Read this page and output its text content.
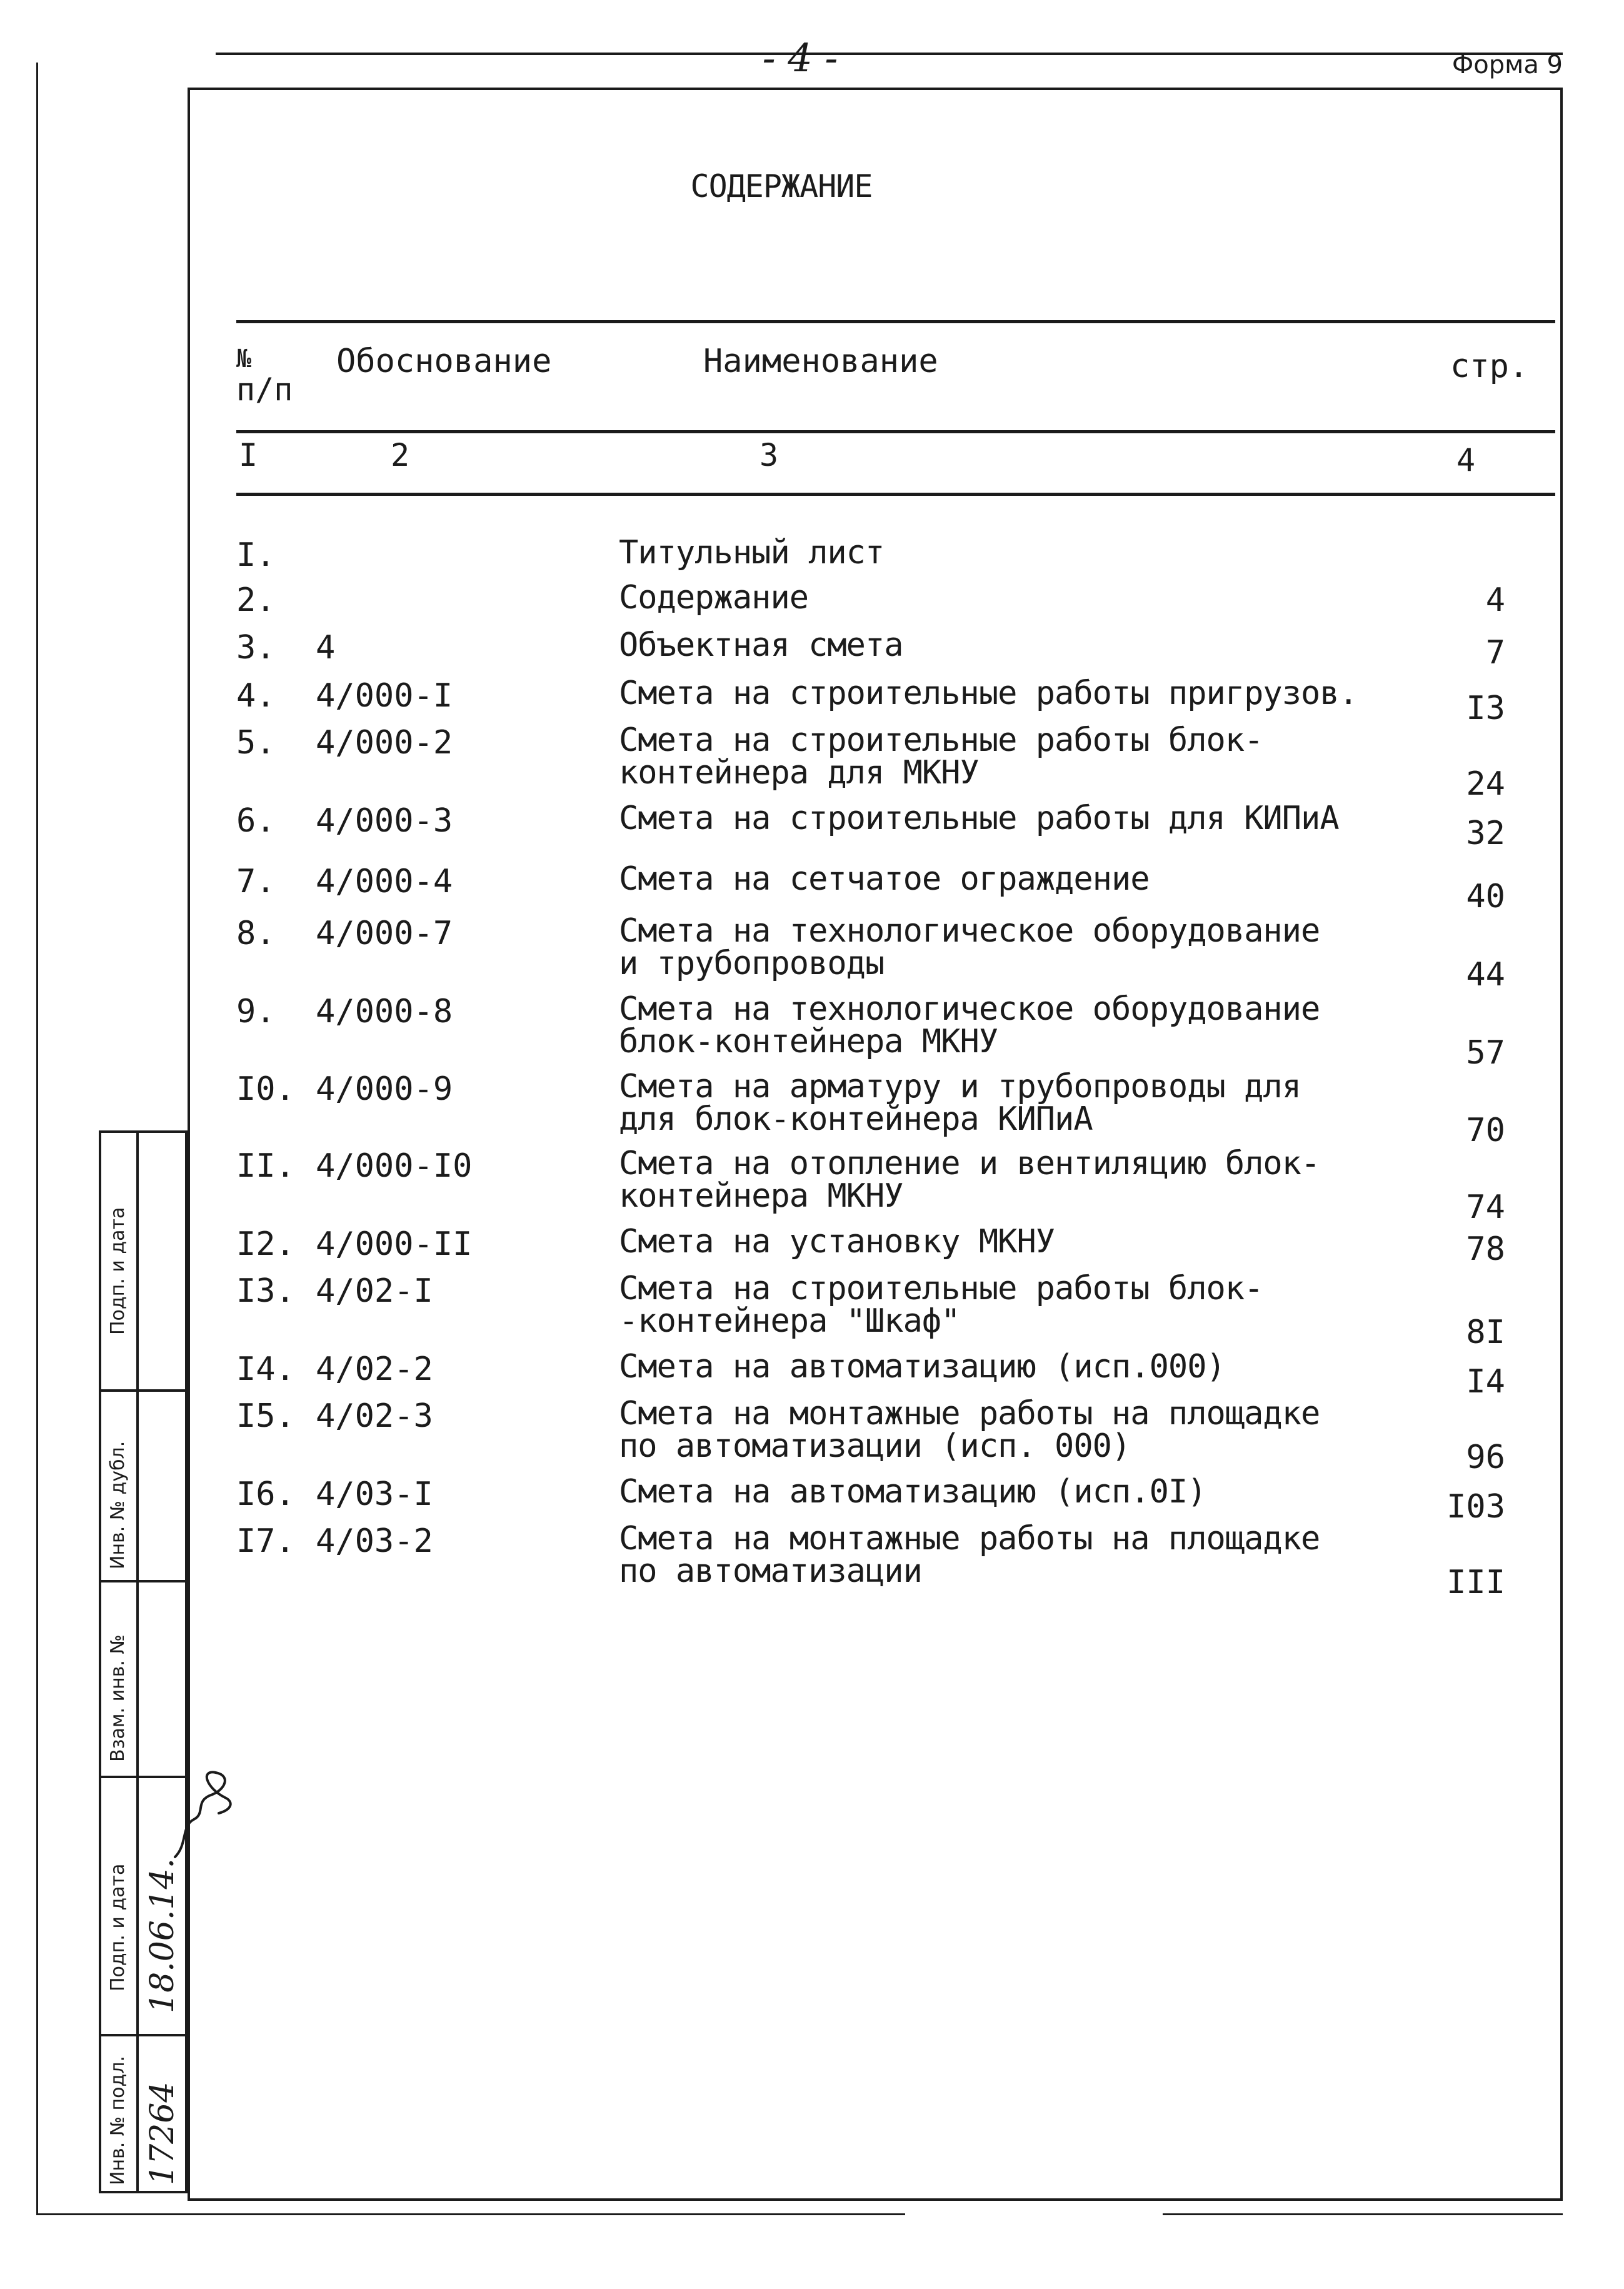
- 4 -	Форма 9
СОДЕРЖАНИЕ
№
п/п
Обоснование	Наименование	стр.
I	2	3	4
I.	Титульный лист
2.	Содержание	4
3. 4	Объектная смета	7
4. 4/000-I	Смета на строительные работы пригрузов.	I3
5. 4/000-2	Смета на строительные работы блок-
контейнера для МКНУ	24
6. 4/000-3	Смета на строительные работы для КИПиА	32
7. 4/000-4	Смета на сетчатое ограждение	40
8. 4/000-7	Смета на технологическое оборудование
и трубопроводы	44
9. 4/000-8	Смета на технологическое оборудование
блок-контейнера МКНУ	57
I0. 4/000-9	Смета на арматуру и трубопроводы для
для блок-контейнера КИПиА	70
II. 4/000-I0	Смета на отопление и вентиляцию блок-
контейнера МКНУ	74
I2. 4/000-II	Смета на установку МКНУ	78
I3. 4/02-I	Смета на строительные работы блок-
-контейнера "Шкаф"	8I
I4. 4/02-2	Смета на автоматизацию (исп.000)	I4
I5. 4/02-3	Смета на монтажные работы на площадке
по автоматизации (исп. 000)	96
I6. 4/03-I	Смета на автоматизацию (исп.0I)	I03
I7. 4/03-2	Смета на монтажные работы на площадке
по автоматизации	III
Подп. и дата
Инв. № дубл.
Взам. инв. №
Подп. и дата
Инв. № подл.
18.06.14.
17264
